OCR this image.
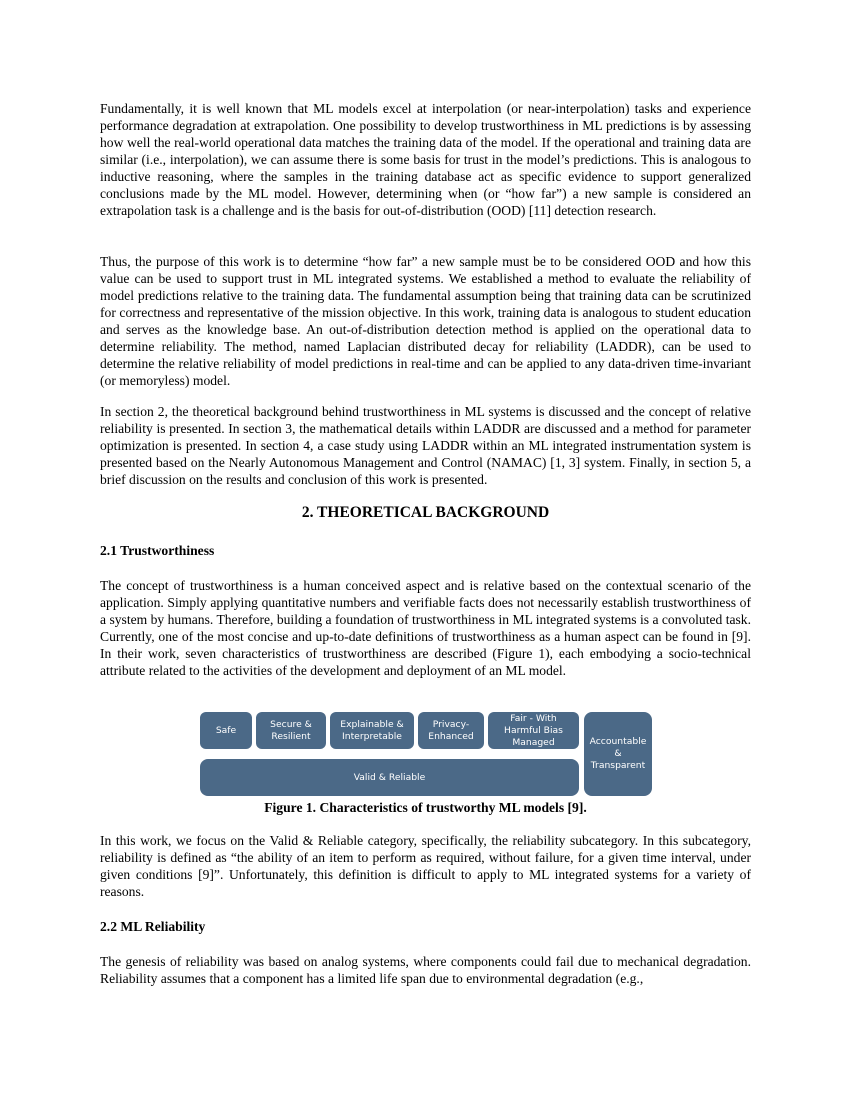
Fundamentally, it is well known that ML models excel at interpolation (or near-interpolation) tasks and experience performance degradation at extrapolation. One possibility to develop trustworthiness in ML predictions is by assessing how well the real-world operational data matches the training data of the model. If the operational and training data are similar (i.e., interpolation), we can assume there is some basis for trust in the model’s predictions. This is analogous to inductive reasoning, where the samples in the training database act as specific evidence to support generalized conclusions made by the ML model. However, determining when (or “how far”) a new sample is considered an extrapolation task is a challenge and is the basis for out-of-distribution (OOD) [11] detection research.

Thus, the purpose of this work is to determine “how far” a new sample must be to be considered OOD and how this value can be used to support trust in ML integrated systems. We established a method to evaluate the reliability of model predictions relative to the training data. The fundamental assumption being that training data can be scrutinized for correctness and representative of the mission objective. In this work, training data is analogous to student education and serves as the knowledge base. An out-of-distribution detection method is applied on the operational data to determine reliability. The method, named Laplacian distributed decay for reliability (LADDR), can be used to determine the relative reliability of model predictions in real-time and can be applied to any data-driven time-invariant (or memoryless) model.

In section 2, the theoretical background behind trustworthiness in ML systems is discussed and the concept of relative reliability is presented. In section 3, the mathematical details within LADDR are discussed and a method for parameter optimization is presented. In section 4, a case study using LADDR within an ML integrated instrumentation system is presented based on the Nearly Autonomous Management and Control (NAMAC) [1, 3] system. Finally, in section 5, a brief discussion on the results and conclusion of this work is presented.

2. THEORETICAL BACKGROUND
2.1 Trustworthiness

The concept of trustworthiness is a human conceived aspect and is relative based on the contextual scenario of the application. Simply applying quantitative numbers and verifiable facts does not necessarily establish trustworthiness of a system by humans. Therefore, building a foundation of trustworthiness in ML integrated systems is a convoluted task. Currently, one of the most concise and up-to-date definitions of trustworthiness as a human aspect can be found in [9]. In their work, seven characteristics of trustworthiness are described (Figure 1), each embodying a socio-technical attribute related to the activities of the development and deployment of an ML model.

Safe
Secure & Resilient
Explainable & Interpretable
Privacy-Enhanced
Fair - With Harmful Bias Managed	Accountable & Transparent
Valid & Reliable
Figure 1. Characteristics of trustworthy ML models [9].

In this work, we focus on the Valid & Reliable category, specifically, the reliability subcategory. In this subcategory, reliability is defined as “the ability of an item to perform as required, without failure, for a given time interval, under given conditions [9]”. Unfortunately, this definition is difficult to apply to ML integrated systems for a variety of reasons.

2.2 ML Reliability

The genesis of reliability was based on analog systems, where components could fail due to mechanical degradation. Reliability assumes that a component has a limited life span due to environmental degradation (e.g.,
